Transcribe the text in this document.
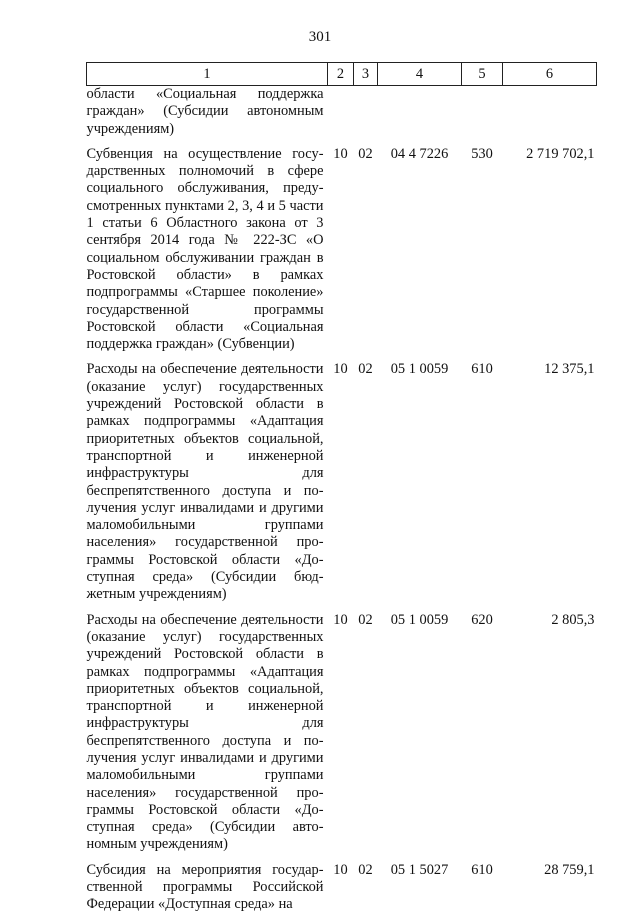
301
1	2	3	4	5	6
области «Социальная поддержка граждан» (Субсидии автономным учреждениям)					

Субвенция на осуществление государственных полномочий в сфере социального обслуживания, предусмотренных пунктами 2, 3, 4 и 5 части 1 статьи 6 Областного закона от 3 сентября 2014 года № 222-ЗС «О социальном обслуживании граждан в Ростовской области» в рамках подпрограммы «Старшее поколение» государственной программы Ростовской области «Социальная поддержка граждан» (Субвенции)	10	02	04 4 7226	530	2 719 702,1

Расходы на обеспечение деятельности (оказание услуг) государственных учреждений Ростовской области в рамках подпрограммы «Адаптация приоритетных объектов социальной, транспортной и инженерной инфраструктуры для беспрепятственного доступа и получения услуг инвалидами и другими маломобильными группами населения» государственной программы Ростовской области «Доступная среда» (Субсидии бюджетным учреждениям)	10	02	05 1 0059	610	12 375,1

Расходы на обеспечение деятельности (оказание услуг) государственных учреждений Ростовской области в рамках подпрограммы «Адаптация приоритетных объектов социальной, транспортной и инженерной инфраструктуры для беспрепятственного доступа и получения услуг инвалидами и другими маломобильными группами населения» государственной программы Ростовской области «Доступная среда» (Субсидии автономным учреждениям)	10	02	05 1 0059	620	2 805,3

Субсидия на мероприятия государственной программы Российской Федерации «Доступная среда» на	10	02	05 1 5027	610	28 759,1
